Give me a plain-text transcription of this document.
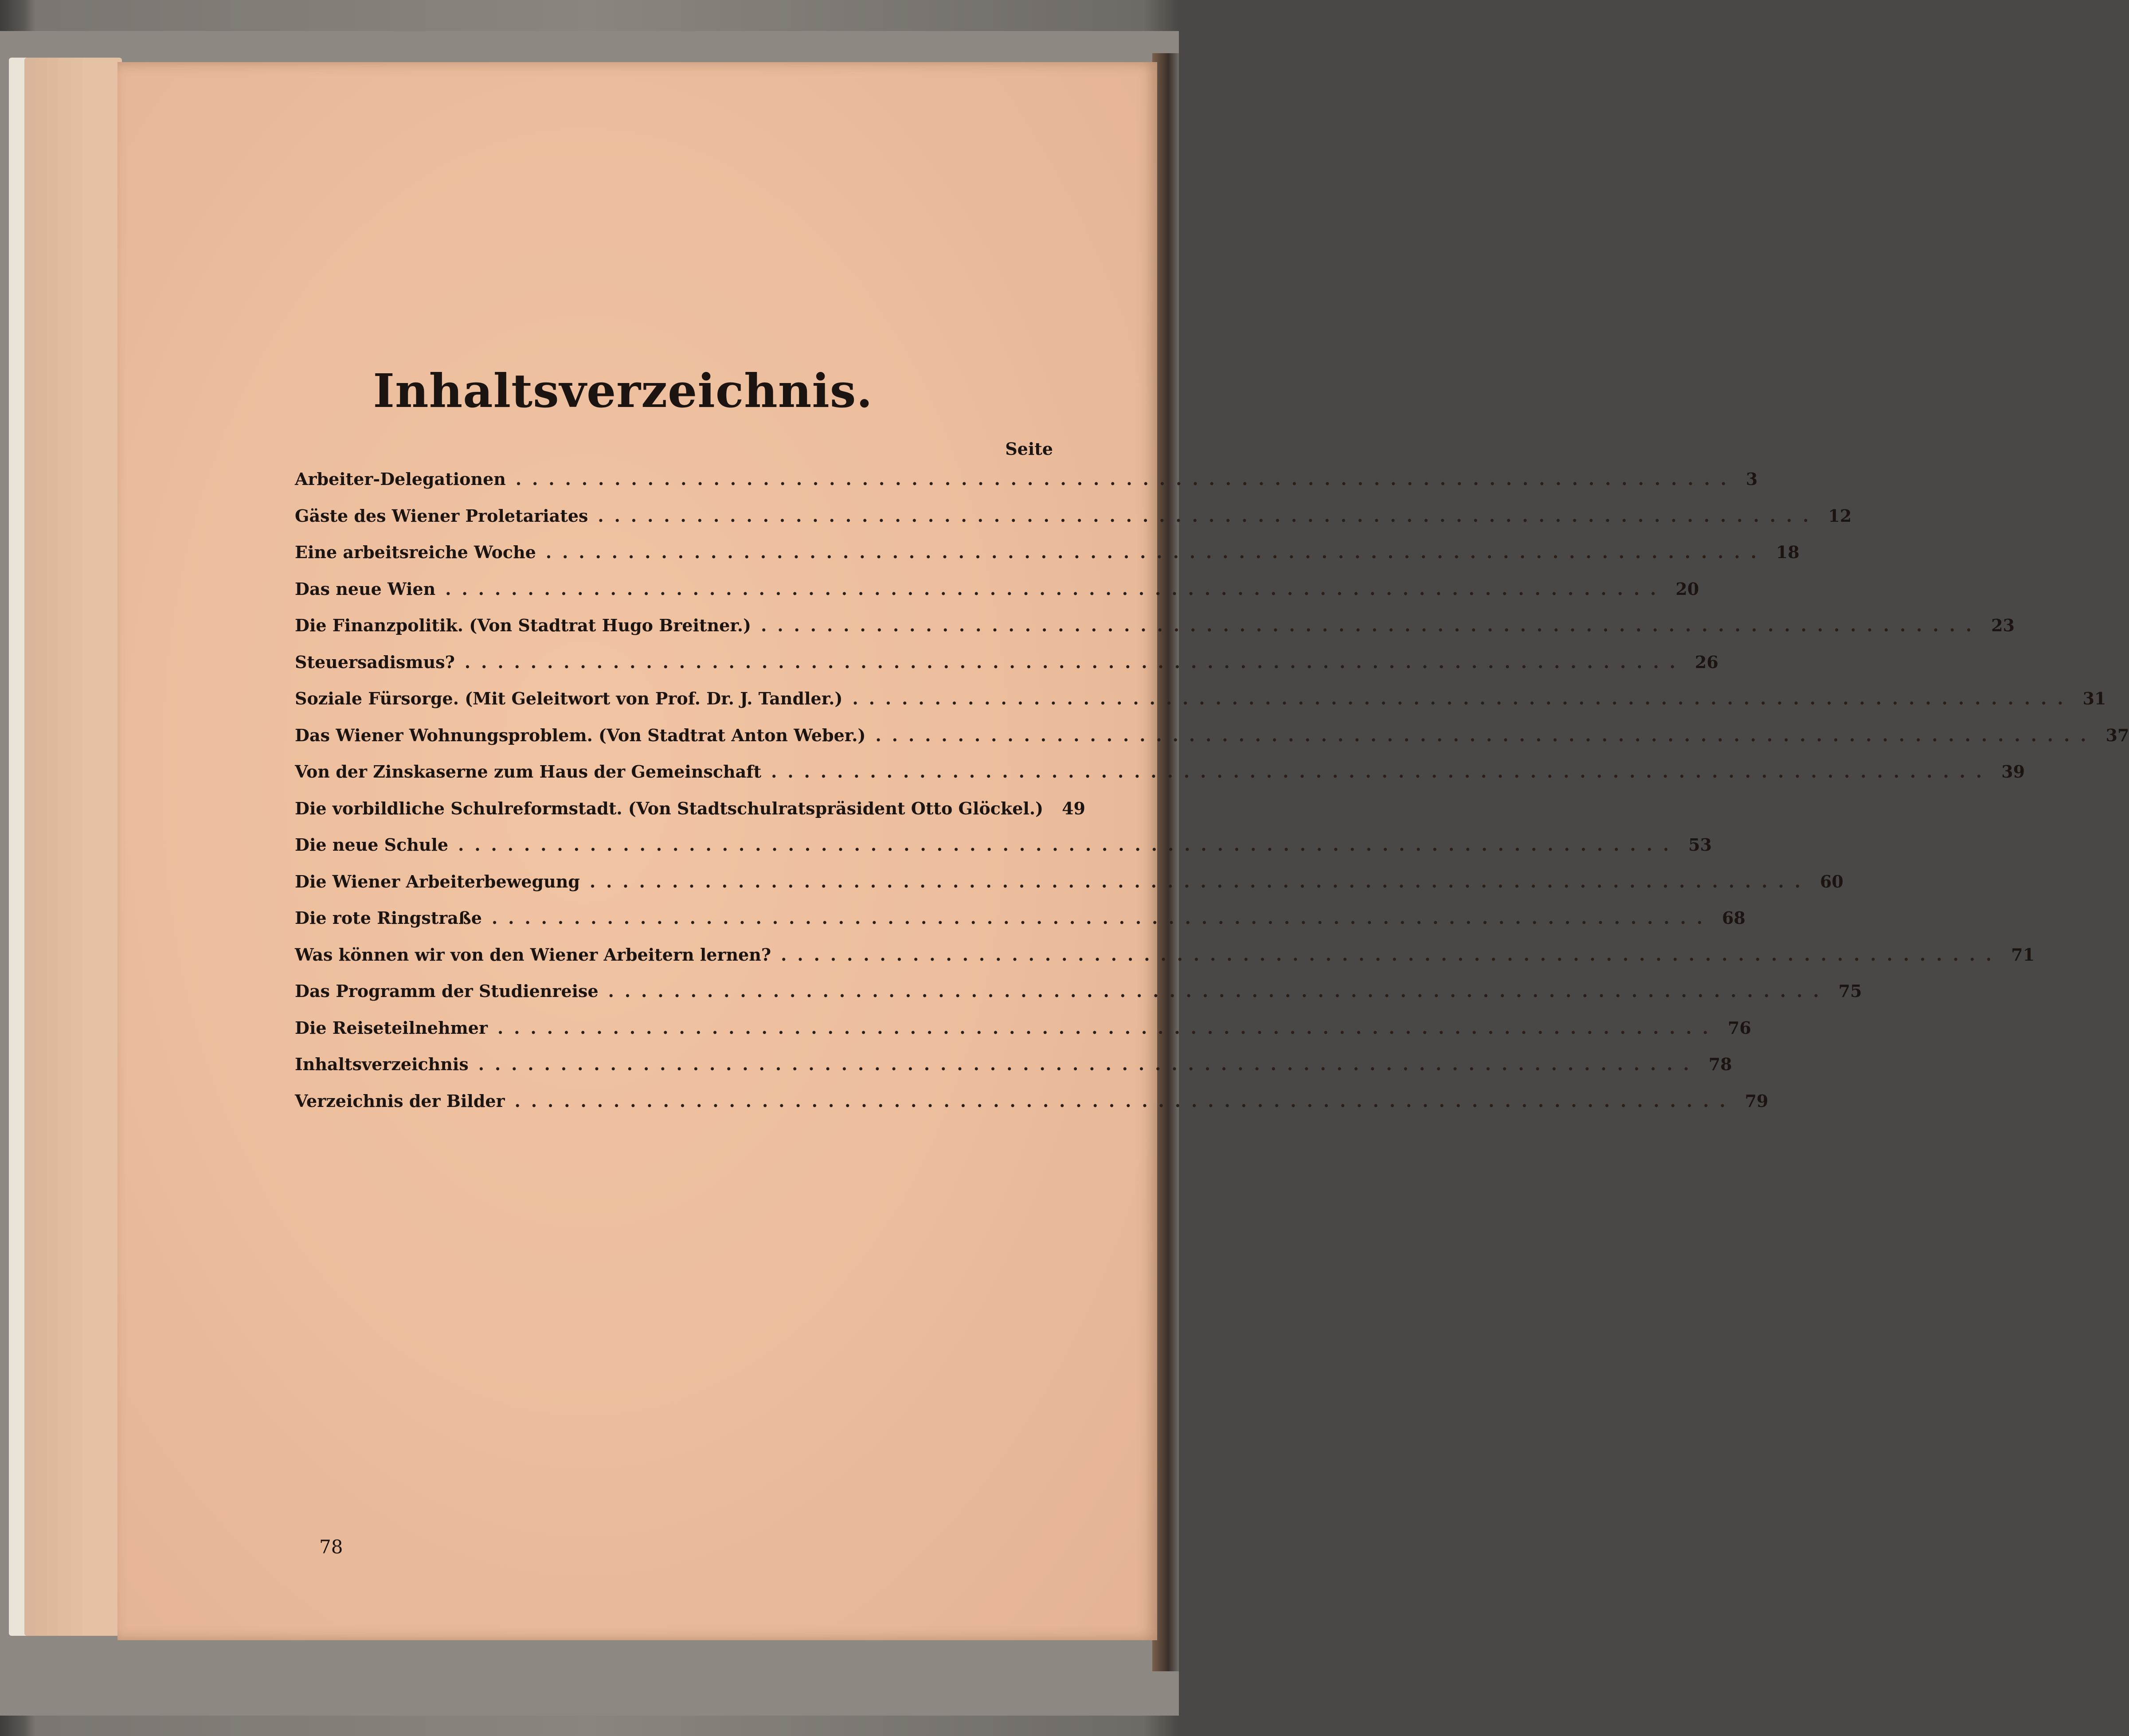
Inhaltsverzeichnis.
Seite
Arbeiter-Delegationen .......................................................................... 3
Gäste des Wiener Proletariates .......................................................................... 12
Eine arbeitsreiche Woche .......................................................................... 18
Das neue Wien .......................................................................... 20
Die Finanzpolitik. (Von Stadtrat Hugo Breitner.) .......................................................................... 23
Steuersadismus? .......................................................................... 26
Soziale Fürsorge. (Mit Geleitwort von Prof. Dr. J. Tandler.) .......................................................................... 31
Das Wiener Wohnungsproblem. (Von Stadtrat Anton Weber.) .......................................................................... 37
Von der Zinskaserne zum Haus der Gemeinschaft .......................................................................... 39
Die vorbildliche Schulreformstadt. (Von Stadtschulratspräsident Otto Glöckel.) 49
Die neue Schule .......................................................................... 53
Die Wiener Arbeiterbewegung .......................................................................... 60
Die rote Ringstraße .......................................................................... 68
Was können wir von den Wiener Arbeitern lernen? .......................................................................... 71
Das Programm der Studienreise .......................................................................... 75
Die Reiseteilnehmer .......................................................................... 76
Inhaltsverzeichnis .......................................................................... 78
Verzeichnis der Bilder .......................................................................... 79
78
